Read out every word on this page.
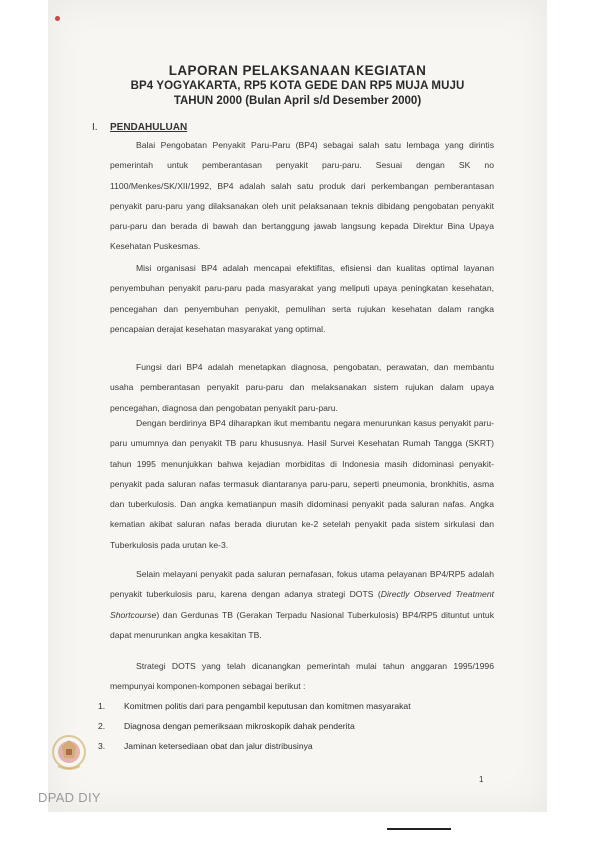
LAPORAN PELAKSANAAN KEGIATAN
BP4 YOGYAKARTA, RP5 KOTA GEDE DAN RP5 MUJA MUJU
TAHUN 2000 (Bulan April s/d Desember 2000)
I. PENDAHULUAN

Balai Pengobatan Penyakit Paru-Paru (BP4) sebagai salah satu lembaga yang dirintis pemerintah untuk pemberantasan penyakit paru-paru. Sesuai dengan SK no 1100/Menkes/SK/XII/1992, BP4 adalah salah satu produk dari perkembangan pemberantasan penyakit paru-paru yang dilaksanakan oleh unit pelaksanaan teknis dibidang pengobatan penyakit paru-paru dan berada di bawah dan bertanggung jawab langsung kepada Direktur Bina Upaya Kesehatan Puskesmas.

Misi organisasi BP4 adalah mencapai efektifitas, efisiensi dan kualitas optimal layanan penyembuhan penyakit paru-paru pada masyarakat yang meliputi upaya peningkatan kesehatan, pencegahan dan penyembuhan penyakit, pemulihan serta rujukan kesehatan dalam rangka pencapaian derajat kesehatan masyarakat yang optimal.

Fungsi dari BP4 adalah menetapkan diagnosa, pengobatan, perawatan, dan membantu usaha pemberantasan penyakit paru-paru dan melaksanakan sistem rujukan dalam upaya pencegahan, diagnosa dan pengobatan penyakit paru-paru.

Dengan berdirinya BP4 diharapkan ikut membantu negara menurunkan kasus penyakit paru-paru umumnya dan penyakit TB paru khususnya. Hasil Survei Kesehatan Rumah Tangga (SKRT) tahun 1995 menunjukkan bahwa kejadian morbiditas di Indonesia masih didominasi penyakit-penyakit pada saluran nafas termasuk diantaranya paru-paru, seperti pneumonia, bronkhitis, asma dan tuberkulosis. Dan angka kematianpun masih didominasi penyakit pada saluran nafas. Angka kematian akibat saluran nafas berada diurutan ke-2 setelah penyakit pada sistem sirkulasi dan Tuberkulosis pada urutan ke-3.

Selain melayani penyakit pada saluran pernafasan, fokus utama pelayanan BP4/RP5 adalah penyakit tuberkulosis paru, karena dengan adanya strategi DOTS (Directly Observed Treatment Shortcourse) dan Gerdunas TB (Gerakan Terpadu Nasional Tuberkulosis) BP4/RP5 dituntut untuk dapat menurunkan angka kesakitan TB.

Strategi DOTS yang telah dicanangkan pemerintah mulai tahun anggaran 1995/1996 mempunyai komponen-komponen sebagai berikut :

1. Komitmen politis dari para pengambil keputusan dan komitmen masyarakat
2. Diagnosa dengan pemeriksaan mikroskopik dahak penderita
3. Jaminan ketersediaan obat dan jalur distribusinya
1
DPAD DIY
